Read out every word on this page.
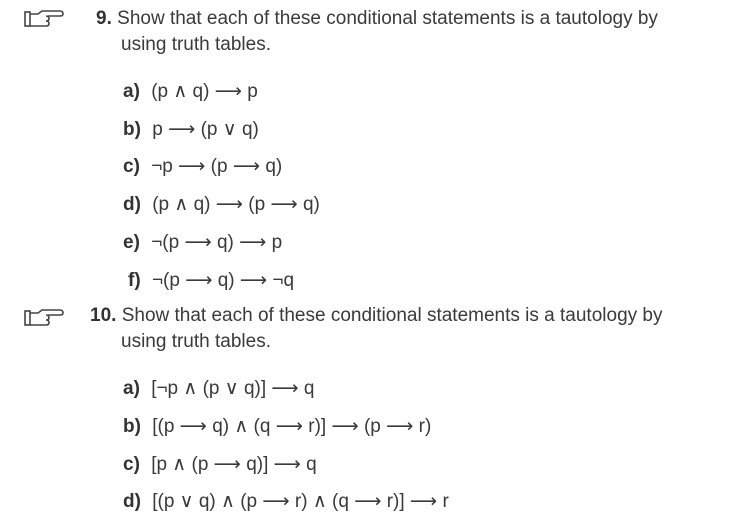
9. Show that each of these conditional statements is a tautology by
using truth tables.
a) (p ∧ q) ⟶ p
b) p ⟶ (p ∨ q)
c) ¬p ⟶ (p ⟶ q)
d) (p ∧ q) ⟶ (p ⟶ q)
e) ¬(p ⟶ q) ⟶ p
f) ¬(p ⟶ q) ⟶ ¬q
10. Show that each of these conditional statements is a tautology by
using truth tables.
a) [¬p ∧ (p ∨ q)] ⟶ q
b) [(p ⟶ q) ∧ (q ⟶ r)] ⟶ (p ⟶ r)
c) [p ∧ (p ⟶ q)] ⟶ q
d) [(p ∨ q) ∧ (p ⟶ r) ∧ (q ⟶ r)] ⟶ r
